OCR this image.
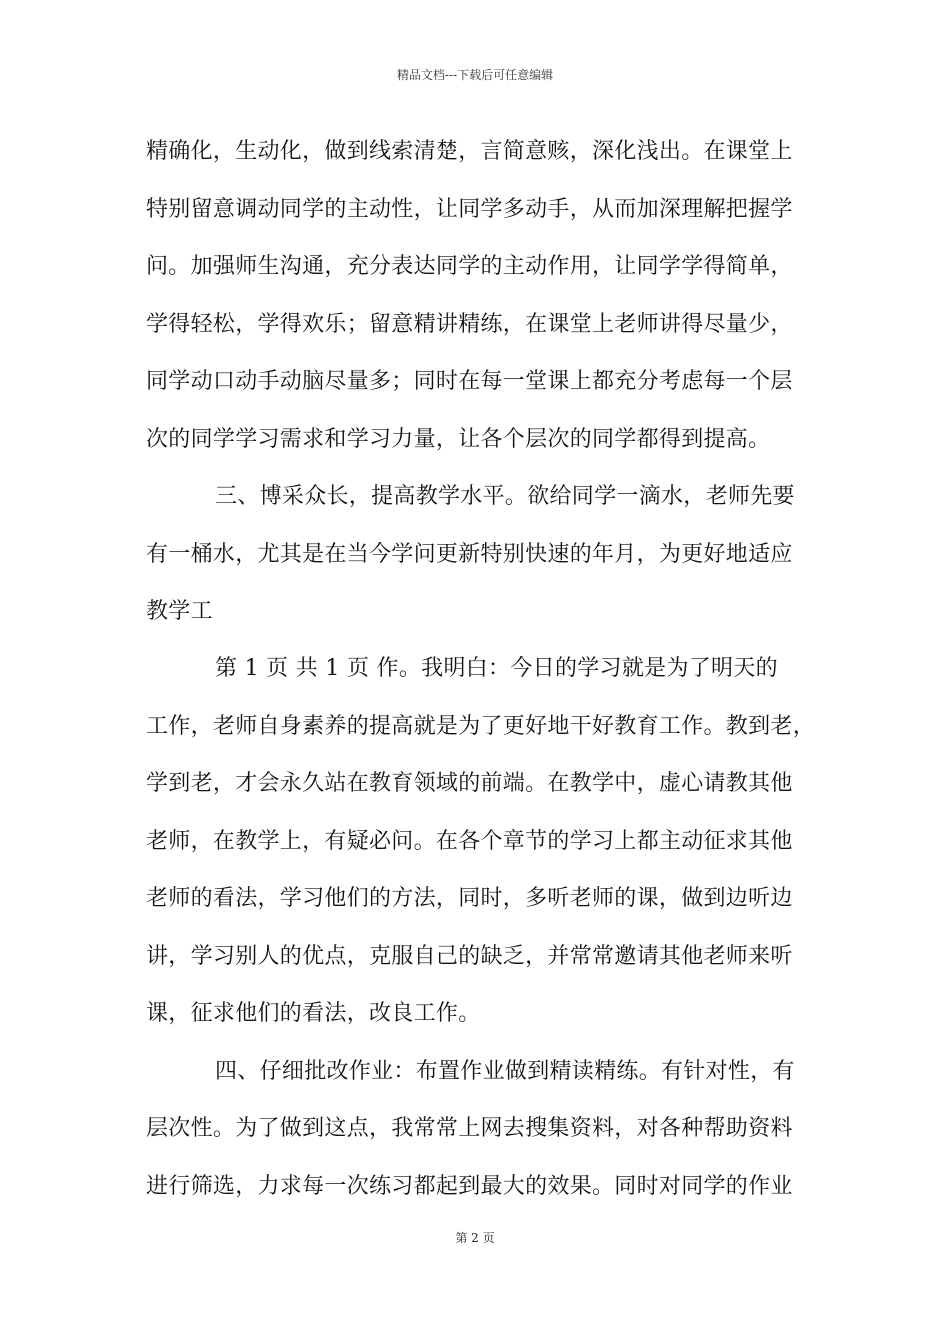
精品文档---下载后可任意编辑
精确化，生动化，做到线索清楚，言简意赅，深化浅出。在课堂上
特别留意调动同学的主动性，让同学多动手，从而加深理解把握学
问。加强师生沟通，充分表达同学的主动作用，让同学学得简单，
学得轻松，学得欢乐；留意精讲精练，在课堂上老师讲得尽量少，
同学动口动手动脑尽量多；同时在每一堂课上都充分考虑每一个层
次的同学学习需求和学习力量，让各个层次的同学都得到提高。
三、博采众长，提高教学水平。欲给同学一滴水，老师先要
有一桶水，尤其是在当今学问更新特别快速的年月，为更好地适应
教学工
第 1 页 共 1 页 作。我明白：今日的学习就是为了明天的
工作，老师自身素养的提高就是为了更好地干好教育工作。教到老，
学到老，才会永久站在教育领域的前端。在教学中，虚心请教其他
老师，在教学上，有疑必问。在各个章节的学习上都主动征求其他
老师的看法，学习他们的方法，同时，多听老师的课，做到边听边
讲，学习别人的优点，克服自己的缺乏，并常常邀请其他老师来听
课，征求他们的看法，改良工作。
四、仔细批改作业：布置作业做到精读精练。有针对性，有
层次性。为了做到这点，我常常上网去搜集资料，对各种帮助资料
进行筛选，力求每一次练习都起到最大的效果。同时对同学的作业
第 2 页
